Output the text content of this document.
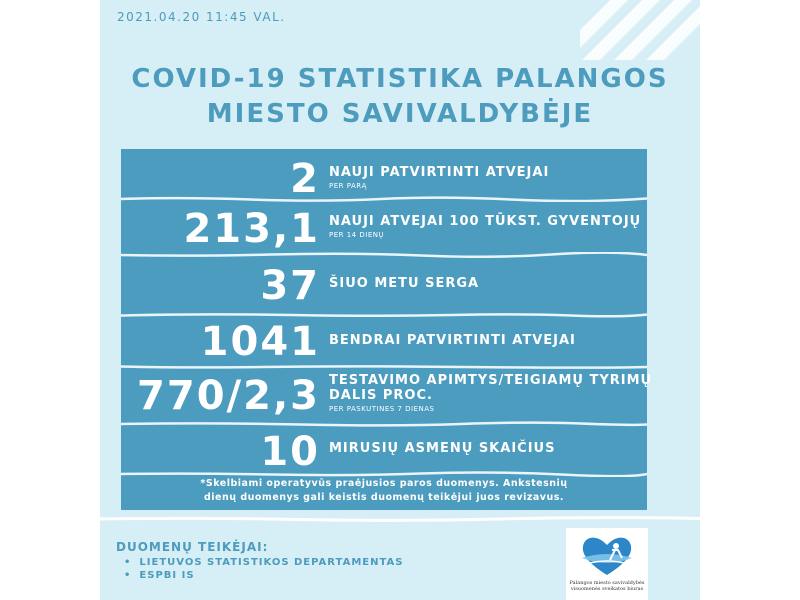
2021.04.20 11:45 VAL.
COVID-19 STATISTIKA PALANGOS
MIESTO SAVIVALDYBĖJE
2 NAUJI PATVIRTINTI ATVEJAI
PER PARĄ
213,1 NAUJI ATVEJAI 100 TŪKST. GYVENTOJŲ
PER 14 DIENŲ
37 ŠIUO METU SERGA
1041 BENDRAI PATVIRTINTI ATVEJAI
770/2,3 TESTAVIMO APIMTYS/TEIGIAMŲ TYRIMŲ
DALIS PROC.
PER PASKUTINES 7 DIENAS
10 MIRUSIŲ ASMENŲ SKAIČIUS
*Skelbiami operatyvūs praėjusios paros duomenys. Ankstesnių
dienų duomenys gali keistis duomenų teikėjui juos revizavus.
DUOMENŲ TEIKĖJAI:
• LIETUVOS STATISTIKOS DEPARTAMENTAS
• ESPBI IS
Palangos miesto savivaldybės
visuomenės sveikatos biuras
